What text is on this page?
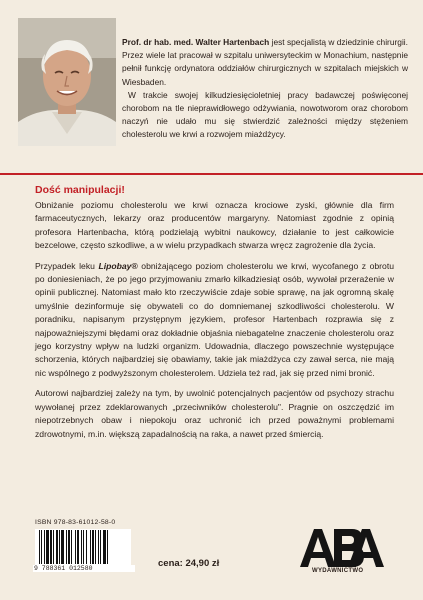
Prof. dr hab. med. Walter Hartenbach jest specjalistą w dziedzinie chirurgii. Przez wiele lat pracował w szpitalu uniwersyteckim w Monachium, następnie pełnił funkcję ordynatora oddziałów chirurgicznych w szpitalach miejskich w Wiesbaden.

W trakcie swojej kilkudziesięcioletniej pracy badawczej poświęconej chorobom na tle nieprawidłowego odżywiania, nowotworom oraz chorobom naczyń nie udało mu się stwierdzić zależności między stężeniem cholesterolu we krwi a rozwojem miażdżycy.

Dość manipulacji!

Obniżanie poziomu cholesterolu we krwi oznacza krociowe zyski, głównie dla firm farmaceutycznych, lekarzy oraz producentów margaryny. Natomiast zgodnie z opinią profesora Hartenbacha, którą podzielają wybitni naukowcy, działanie to jest całkowicie bezcelowe, często szkodliwe, a w wielu przypadkach stwarza wręcz zagrożenie dla życia.

Przypadek leku Lipobay® obniżającego poziom cholesterolu we krwi, wycofanego z obrotu po doniesieniach, że po jego przyjmowaniu zmarło kilkadziesiąt osób, wywołał przerażenie w opinii publicznej. Natomiast mało kto rzeczywiście zdaje sobie sprawę, na jak ogromną skalę umyślnie dezinformuje się obywateli co do domniemanej szkodliwości cholesterolu. W poradniku, napisanym przystępnym językiem, profesor Hartenbach rozprawia się z najpoważniejszymi błędami oraz dokładnie objaśnia niebagatelne znaczenie cholesterolu oraz jego korzystny wpływ na ludzki organizm. Udowadnia, dlaczego powszechnie występujące schorzenia, których najbardziej się obawiamy, takie jak miażdżyca czy zawał serca, nie mają nic wspólnego z podwyższonym cholesterolem. Udziela też rad, jak się przed nimi bronić.

Autorowi najbardziej zależy na tym, by uwolnić potencjalnych pacjentów od psychozy strachu wywołanej przez zdeklarowanych „przeciwników cholesterolu". Pragnie on oszczędzić im niepotrzebnych obaw i niepokoju oraz uchronić ich przed poważnymi problemami zdrowotnymi, m.in. większą zapadalnością na raka, a nawet przed śmiercią.

ISBN 978-83-61012-58-0
9 788361 012580	cena: 24,90 zł
WYDAWNICTWO
